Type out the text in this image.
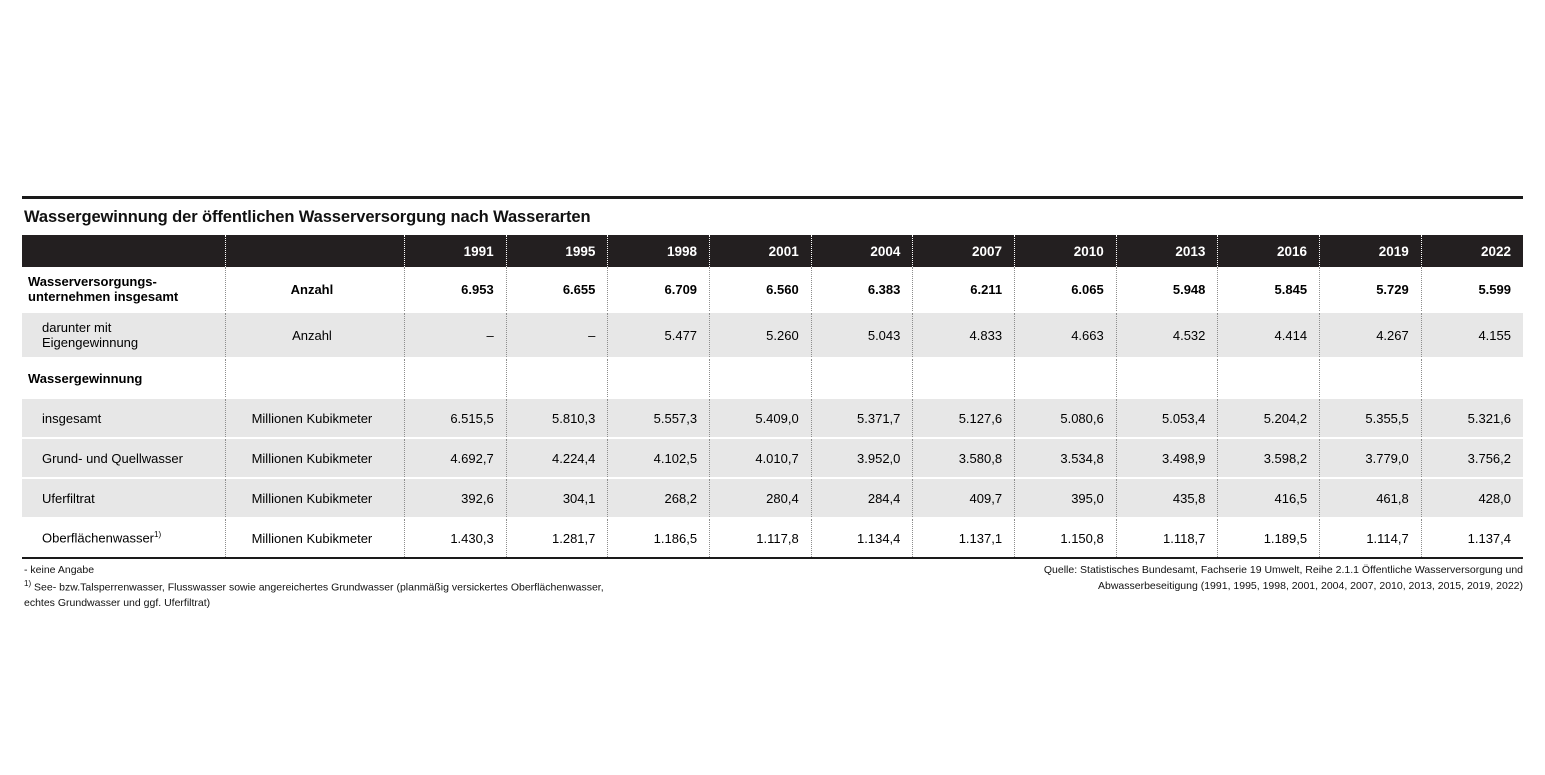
Wassergewinnung der öffentlichen Wasserversorgung nach Wasserarten
		1991	1995	1998	2001	2004	2007	2010	2013	2016	2019	2022
Wasserversorgungs-
unternehmen insgesamt	Anzahl	6.953	6.655	6.709	6.560	6.383	6.211	6.065	5.948	5.845	5.729	5.599
darunter mit
Eigengewinnung	Anzahl	–	–	5.477	5.260	5.043	4.833	4.663	4.532	4.414	4.267	4.155
Wassergewinnung												
insgesamt	Millionen Kubikmeter	6.515,5	5.810,3	5.557,3	5.409,0	5.371,7	5.127,6	5.080,6	5.053,4	5.204,2	5.355,5	5.321,6
Grund- und Quellwasser	Millionen Kubikmeter	4.692,7	4.224,4	4.102,5	4.010,7	3.952,0	3.580,8	3.534,8	3.498,9	3.598,2	3.779,0	3.756,2
Uferfiltrat	Millionen Kubikmeter	392,6	304,1	268,2	280,4	284,4	409,7	395,0	435,8	416,5	461,8	428,0
Oberflächenwasser$^{1)}$	Millionen Kubikmeter	1.430,3	1.281,7	1.186,5	1.117,8	1.134,4	1.137,1	1.150,8	1.118,7	1.189,5	1.114,7	1.137,4
- keine Angabe
$^{1)}$ See- bzw.Talsperrenwasser, Flusswasser sowie angereichertes Grundwasser (planmäßig versickertes Oberflächenwasser,
echtes Grundwasser und ggf. Uferfiltrat)
Quelle: Statistisches Bundesamt, Fachserie 19 Umwelt, Reihe 2.1.1 Öffentliche Wasserversorgung und
Abwasserbeseitigung (1991, 1995, 1998, 2001, 2004, 2007, 2010, 2013, 2015, 2019, 2022)
